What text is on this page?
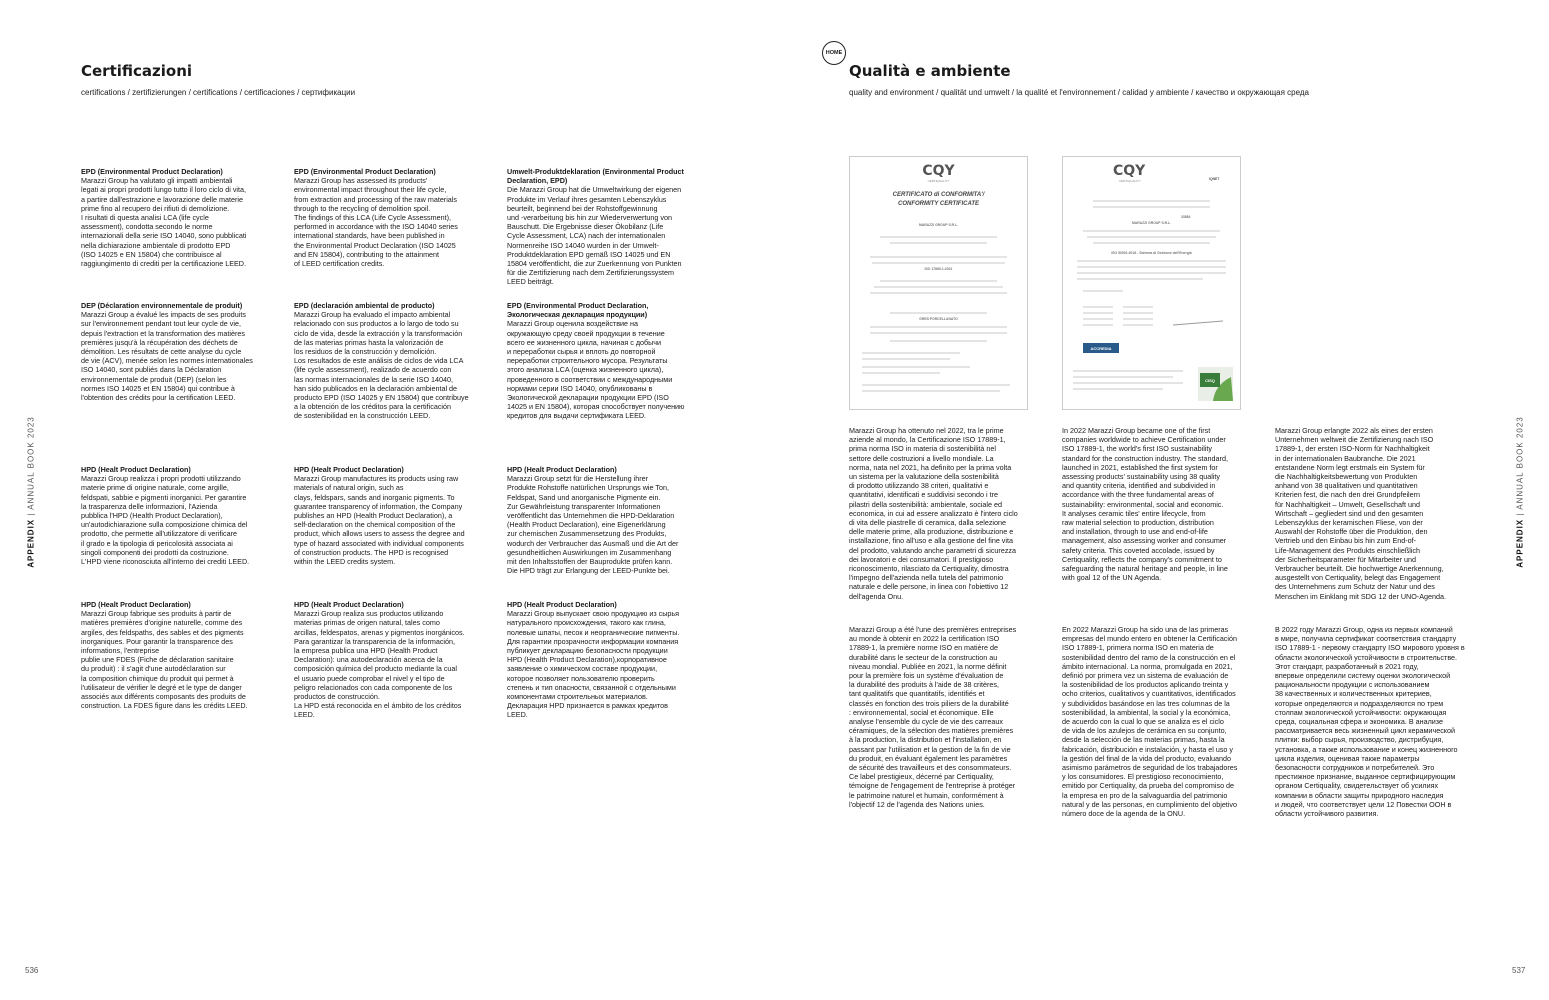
Certificazioni
certifications / zertifizierungen / certifications / certificaciones / сертификации
APPENDIX | ANNUAL BOOK 2023
536
EPD (Environmental Product Declaration)
Marazzi Group ha valutato gli impatti ambientali
legati ai propri prodotti lungo tutto il loro ciclo di vita,
a partire dall'estrazione e lavorazione delle materie
prime fino al recupero dei rifiuti di demolizione.
I risultati di questa analisi LCA (life cycle
assessment), condotta secondo le norme
internazionali della serie ISO 14040, sono pubblicati
nella dichiarazione ambientale di prodotto EPD
(ISO 14025 e EN 15804) che contribuisce al
raggiungimento di crediti per la certificazione LEED.
EPD (Environmental Product Declaration)
Marazzi Group has assessed its products'
environmental impact throughout their life cycle,
from extraction and processing of the raw materials
through to the recycling of demolition spoil.
The findings of this LCA (Life Cycle Assessment),
performed in accordance with the ISO 14040 series
international standards, have been published in
the Environmental Product Declaration (ISO 14025
and EN 15804), contributing to the attainment
of LEED certification credits.
Umwelt-Produktdeklaration (Environmental Product
Declaration, EPD)
Die Marazzi Group hat die Umweltwirkung der eigenen
Produkte im Verlauf ihres gesamten Lebenszyklus
beurteilt, beginnend bei der Rohstoffgewinnung
und -verarbeitung bis hin zur Wiederverwertung von
Bauschutt. Die Ergebnisse dieser Ökobilanz (Life
Cycle Assessment, LCA) nach der internationalen
Normenreihe ISO 14040 wurden in der Umwelt-
Produktdeklaration EPD gemäß ISO 14025 und EN
15804 veröffentlicht, die zur Zuerkennung von Punkten
für die Zertifizierung nach dem Zertifizierungssystem
LEED beiträgt.
DEP (Déclaration environnementale de produit)
Marazzi Group a évalué les impacts de ses produits
sur l'environnement pendant tout leur cycle de vie,
depuis l'extraction et la transformation des matières
premières jusqu'à la récupération des déchets de
démolition. Les résultats de cette analyse du cycle
de vie (ACV), menée selon les normes internationales
ISO 14040, sont publiés dans la Déclaration
environnementale de produit (DEP) (selon les
normes ISO 14025 et EN 15804) qui contribue à
l'obtention des crédits pour la certification LEED.
EPD (declaración ambiental de producto)
Marazzi Group ha evaluado el impacto ambiental
relacionado con sus productos a lo largo de todo su
ciclo de vida, desde la extracción y la transformación
de las materias primas hasta la valorización de
los residuos de la construcción y demolición.
Los resultados de este análisis de ciclos de vida LCA
(life cycle assessment), realizado de acuerdo con
las normas internacionales de la serie ISO 14040,
han sido publicados en la declaración ambiental de
producto EPD (ISO 14025 y EN 15804) que contribuye
a la obtención de los créditos para la certificación
de sostenibilidad en la construcción LEED.
EPD (Environmental Product Declaration,
Экологическая декларация продукции)
Marazzi Group оценила воздействие на
окружающую среду своей продукции в течение
всего ее жизненного цикла, начиная с добычи
и переработки сырья и вплоть до повторной
переработки строительного мусора. Результаты
этого анализа LCA (оценка жизненного цикла),
проведенного в соответствии с международными
нормами серии ISO 14040, опубликованы в
Экологической декларации продукции EPD (ISO
14025 и EN 15804), которая способствует получению
кредитов для выдачи сертификата LEED.
HPD (Healt Product Declaration)
Marazzi Group realizza i propri prodotti utilizzando
materie prime di origine naturale, come argille,
feldspati, sabbie e pigmenti inorganici. Per garantire
la trasparenza delle informazioni, l'Azienda
pubblica l'HPD (Health Product Declaration),
un'autodichiarazione sulla composizione chimica del
prodotto, che permette all'utilizzatore di verificare
il grado e la tipologia di pericolosità associata ai
singoli componenti dei prodotti da costruzione.
L'HPD viene riconosciuta all'interno dei crediti LEED.
HPD (Healt Product Declaration)
Marazzi Group manufactures its products using raw
materials of natural origin, such as
clays, feldspars, sands and inorganic pigments. To
guarantee transparency of information, the Company
publishes an HPD (Health Product Declaration), a
self-declaration on the chemical composition of the
product, which allows users to assess the degree and
type of hazard associated with individual components
of construction products. The HPD is recognised
within the LEED credits system.
HPD (Healt Product Declaration)
Marazzi Group setzt für die Herstellung ihrer
Produkte Rohstoffe natürlichen Ursprungs wie Ton,
Feldspat, Sand und anorganische Pigmente ein.
Zur Gewährleistung transparenter Informationen
veröffentlicht das Unternehmen die HPD-Deklaration
(Health Product Declaration), eine Eigenerklärung
zur chemischen Zusammensetzung des Produkts,
wodurch der Verbraucher das Ausmaß und die Art der
gesundheitlichen Auswirkungen im Zusammenhang
mit den Inhaltsstoffen der Bauprodukte prüfen kann.
Die HPD trägt zur Erlangung der LEED-Punkte bei.
HPD (Healt Product Declaration)
Marazzi Group fabrique ses produits à partir de
matières premières d'origine naturelle, comme des
argiles, des feldspaths, des sables et des pigments
inorganiques. Pour garantir la transparence des
informations, l'entreprise
publie une FDES (Fiche de déclaration sanitaire
du produit) : il s'agit d'une autodéclaration sur
la composition chimique du produit qui permet à
l'utilisateur de vérifier le degré et le type de danger
associés aux différents composants des produits de
construction. La FDES figure dans les crédits LEED.
HPD (Healt Product Declaration)
Marazzi Group realiza sus productos utilizando
materias primas de origen natural, tales como
arcillas, feldespatos, arenas y pigmentos inorgánicos.
Para garantizar la transparencia de la información,
la empresa publica una HPD (Health Product
Declaration): una autodeclaración acerca de la
composición química del producto mediante la cual
el usuario puede comprobar el nivel y el tipo de
peligro relacionados con cada componente de los
productos de construcción.
La HPD está reconocida en el ámbito de los créditos
LEED.
HPD (Healt Product Declaration)
Marazzi Group выпускает свою продукцию из сырья
натурального происхождения, такого как глина,
полевые шпаты, песок и неорганические пигменты.
Для гарантии прозрачности информации компания
публикует декларацию безопасности продукции
HPD (Health Product Declaration),корпоративное
заявление о химическом составе продукции,
которое позволяет пользователю проверить
степень и тип опасности, связанной с отдельными
компонентами строительных материалов.
Декларация HPD признается в рамках кредитов
LEED.
HOME
Qualità e ambiente
quality and environment / qualität und umwelt / la qualité et l'environnement / calidad y ambiente / качество и окружающая среда
APPENDIX | ANNUAL BOOK 2023
537
CQY
CERTIQUALITY
CERTIFICATO di CONFORMITA'/
CONFORMITY CERTIFICATE
MARAZZI GROUP S.R.L.
ISO 17889-1:2021
GRES PORCELLANATO
CQY
CERTIQUALITY	IQNET
33884
MARAZZI GROUP S.R.L.
ISO 50001:2018 - Sistema di Gestione dell'Energia
ACCREDIA
CISQ
Marazzi Group ha ottenuto nel 2022, tra le prime
aziende al mondo, la Certificazione ISO 17889-1,
prima norma ISO in materia di sostenibilità nel
settore delle costruzioni a livello mondiale. La
norma, nata nel 2021, ha definito per la prima volta
un sistema per la valutazione della sostenibilità
di prodotto utilizzando 38 criteri, qualitativi e
quantitativi, identificati e suddivisi secondo i tre
pilastri della sostenibilità: ambientale, sociale ed
economica, in cui ad essere analizzato è l'intero ciclo
di vita delle piastrelle di ceramica, dalla selezione
delle materie prime, alla produzione, distribuzione e
installazione, fino all'uso e alla gestione del fine vita
del prodotto, valutando anche parametri di sicurezza
dei lavoratori e dei consumatori. Il prestigioso
riconoscimento, rilasciato da Certiquality, dimostra
l'impegno dell'azienda nella tutela del patrimonio
naturale e delle persone, in linea con l'obiettivo 12
dell'agenda Onu.
In 2022 Marazzi Group became one of the first
companies worldwide to achieve Certification under
ISO 17889-1, the world's first ISO sustainability
standard for the construction industry. The standard,
launched in 2021, established the first system for
assessing products' sustainability using 38 quality
and quantity criteria, identified and subdivided in
accordance with the three fundamental areas of
sustainability: environmental, social and economic.
It analyses ceramic tiles' entire lifecycle, from
raw material selection to production, distribution
and installation, through to use and end-of-life
management, also assessing worker and consumer
safety criteria. This coveted accolade, issued by
Certiquality, reflects the company's commitment to
safeguarding the natural heritage and people, in line
with goal 12 of the UN Agenda.
Marazzi Group erlangte 2022 als eines der ersten
Unternehmen weltweit die Zertifizierung nach ISO
17889-1, der ersten ISO-Norm für Nachhaltigkeit
in der internationalen Baubranche. Die 2021
entstandene Norm legt erstmals ein System für
die Nachhaltigkeitsbewertung von Produkten
anhand von 38 qualitativen und quantitativen
Kriterien fest, die nach den drei Grundpfeilern
für Nachhaltigkeit – Umwelt, Gesellschaft und
Wirtschaft – gegliedert sind und den gesamten
Lebenszyklus der keramischen Fliese, von der
Auswahl der Rohstoffe über die Produktion, den
Vertrieb und den Einbau bis hin zum End-of-
Life-Management des Produkts einschließlich
der Sicherheitsparameter für Mitarbeiter und
Verbraucher beurteilt. Die hochwertige Anerkennung,
ausgestellt von Certiquality, belegt das Engagement
des Unternehmens zum Schutz der Natur und des
Menschen im Einklang mit SDG 12 der UNO-Agenda.
Marazzi Group a été l'une des premières entreprises
au monde à obtenir en 2022 la certification ISO
17889-1, la première norme ISO en matière de
durabilité dans le secteur de la construction au
niveau mondial. Publiée en 2021, la norme définit
pour la première fois un système d'évaluation de
la durabilité des produits à l'aide de 38 critères,
tant qualitatifs que quantitatifs, identifiés et
classés en fonction des trois piliers de la durabilité
: environnemental, social et économique. Elle
analyse l'ensemble du cycle de vie des carreaux
céramiques, de la sélection des matières premières
à la production, la distribution et l'installation, en
passant par l'utilisation et la gestion de la fin de vie
du produit, en évaluant également les paramètres
de sécurité des travailleurs et des consommateurs.
Ce label prestigieux, décerné par Certiquality,
témoigne de l'engagement de l'entreprise à protéger
le patrimoine naturel et humain, conformément à
l'objectif 12 de l'agenda des Nations unies.
En 2022 Marazzi Group ha sido una de las primeras
empresas del mundo entero en obtener la Certificación
ISO 17889-1, primera norma ISO en materia de
sostenibilidad dentro del ramo de la construcción en el
ámbito internacional. La norma, promulgada en 2021,
definió por primera vez un sistema de evaluación de
la sostenibilidad de los productos aplicando treinta y
ocho criterios, cualitativos y cuantitativos, identificados
y subdivididos basándose en las tres columnas de la
sostenibilidad, la ambiental, la social y la económica,
de acuerdo con la cual lo que se analiza es el ciclo
de vida de los azulejos de cerámica en su conjunto,
desde la selección de las materias primas, hasta la
fabricación, distribución e instalación, y hasta el uso y
la gestión del final de la vida del producto, evaluando
asimismo parámetros de seguridad de los trabajadores
y los consumidores. El prestigioso reconocimiento,
emitido por Certiquality, da prueba del compromiso de
la empresa en pro de la salvaguardia del patrimonio
natural y de las personas, en cumplimiento del objetivo
número doce de la agenda de la ONU.
В 2022 году Marazzi Group, одна из первых компаний
в мире, получила сертификат соответствия стандарту
ISO 17889-1 - первому стандарту ISO мирового уровня в
области экологической устойчивости в строительстве.
Этот стандарт, разработанный в 2021 году,
впервые определили систему оценки экологической
рациональности продукции с использованием
38 качественных и количественных критериев,
которые определяются и подразделяются по трем
столпам экологической устойчивости: окружающая
среда, социальная сфера и экономика. В анализе
рассматривается весь жизненный цикл керамической
плитки: выбор сырья, производство, дистрибуция,
установка, а также использование и конец жизненного
цикла изделия, оценивая также параметры
безопасности сотрудников и потребителей. Это
престижное признание, выданное сертифицирующим
органом Certiquality, свидетельствует об усилиях
компании в области защиты природного наследия
и людей, что соответствует цели 12 Повестки ООН в
области устойчивого развития.
